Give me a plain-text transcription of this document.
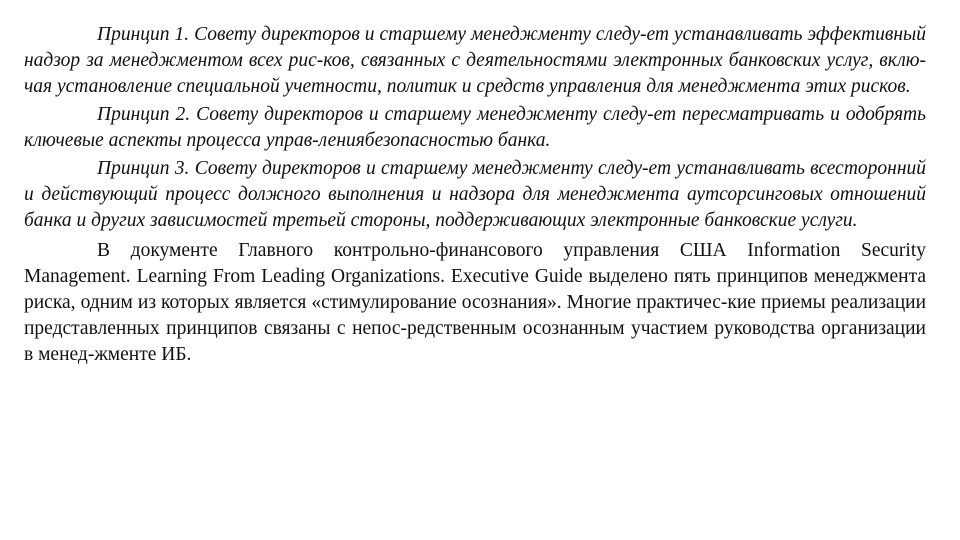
Принцип 1. Совету директоров и старшему менеджменту следу-ет устанавливать эффективный надзор за менеджментом всех рис-ков, связанных с деятельностями электронных банковских услуг, вклю-чая установление специальной учетности, политик и средств управления для менеджмента этих рисков.

Принцип 2. Совету директоров и старшему менеджменту следу-ет пересматривать и одобрять ключевые аспекты процесса управ-лениябезопасностью банка.

Принцип 3. Совету директоров и старшему менеджменту следу-ет устанавливать всесторонний и действующий процесс должного выполнения и надзора для менеджмента аутсорсинговых отношений банка и других зависимостей третьей стороны, поддерживающих электронные банковские услуги.

В документе Главного контрольно-финансового управления США Information Security Management. Learning From Leading Organizations. Executive Guide выделено пять принципов менеджмента риска, одним из которых является «стимулирование осознания». Многие практичес-кие приемы реализации представленных принципов связаны с непос-редственным осознанным участием руководства организации в менед-жменте ИБ.
